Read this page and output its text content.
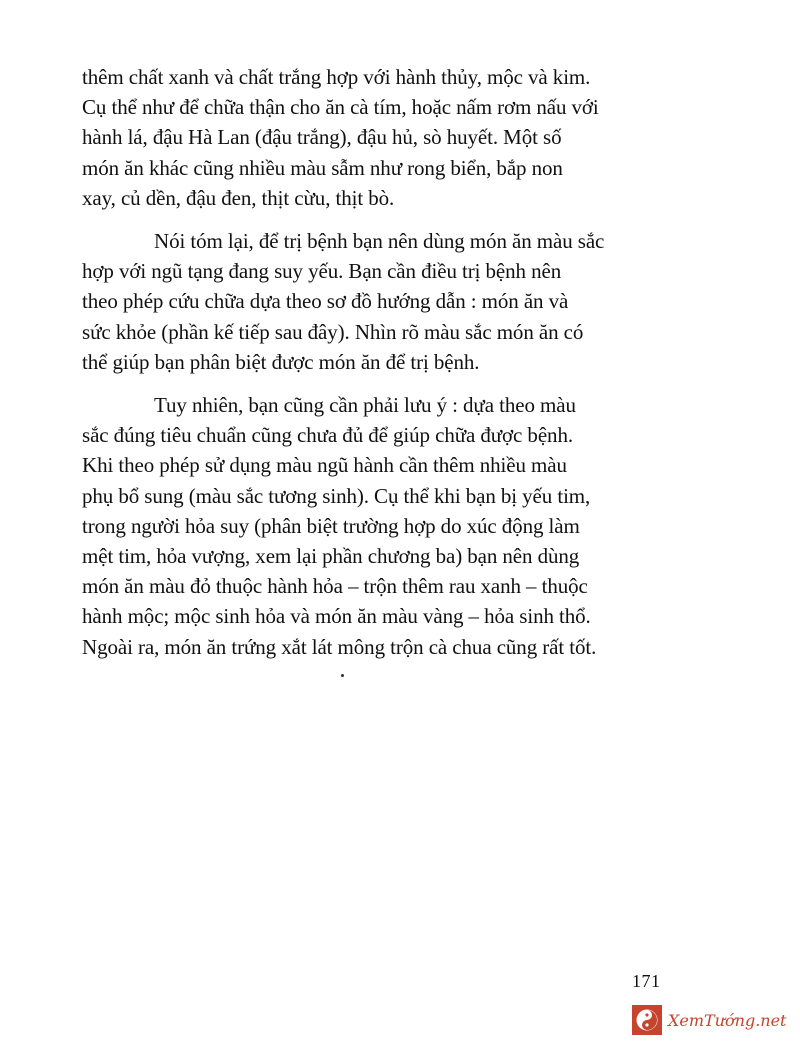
thêm chất xanh và chất trắng hợp với hành thủy, mộc và kim.
Cụ thể như để chữa thận cho ăn cà tím, hoặc nấm rơm nấu với
hành lá, đậu Hà Lan (đậu trắng), đậu hủ, sò huyết. Một số
món ăn khác cũng nhiều màu sẫm như rong biển, bắp non
xay, củ dền, đậu đen, thịt cừu, thịt bò.

Nói tóm lại, để trị bệnh bạn nên dùng món ăn màu sắc
hợp với ngũ tạng đang suy yếu. Bạn cần điều trị bệnh nên
theo phép cứu chữa dựa theo sơ đồ hướng dẫn : món ăn và
sức khỏe (phần kế tiếp sau đây). Nhìn rõ màu sắc món ăn có
thể giúp bạn phân biệt được món ăn để trị bệnh.

Tuy nhiên, bạn cũng cần phải lưu ý : dựa theo màu
sắc đúng tiêu chuẩn cũng chưa đủ để giúp chữa được bệnh.
Khi theo phép sử dụng màu ngũ hành cần thêm nhiều màu
phụ bổ sung (màu sắc tương sinh). Cụ thể khi bạn bị yếu tim,
trong người hỏa suy (phân biệt trường hợp do xúc động làm
mệt tim, hỏa vượng, xem lại phần chương ba) bạn nên dùng
món ăn màu đỏ thuộc hành hỏa – trộn thêm rau xanh – thuộc
hành mộc; mộc sinh hỏa và món ăn màu vàng – hỏa sinh thổ.
Ngoài ra, món ăn trứng xắt lát mông trộn cà chua cũng rất tốt.

171
XemTướng.net
